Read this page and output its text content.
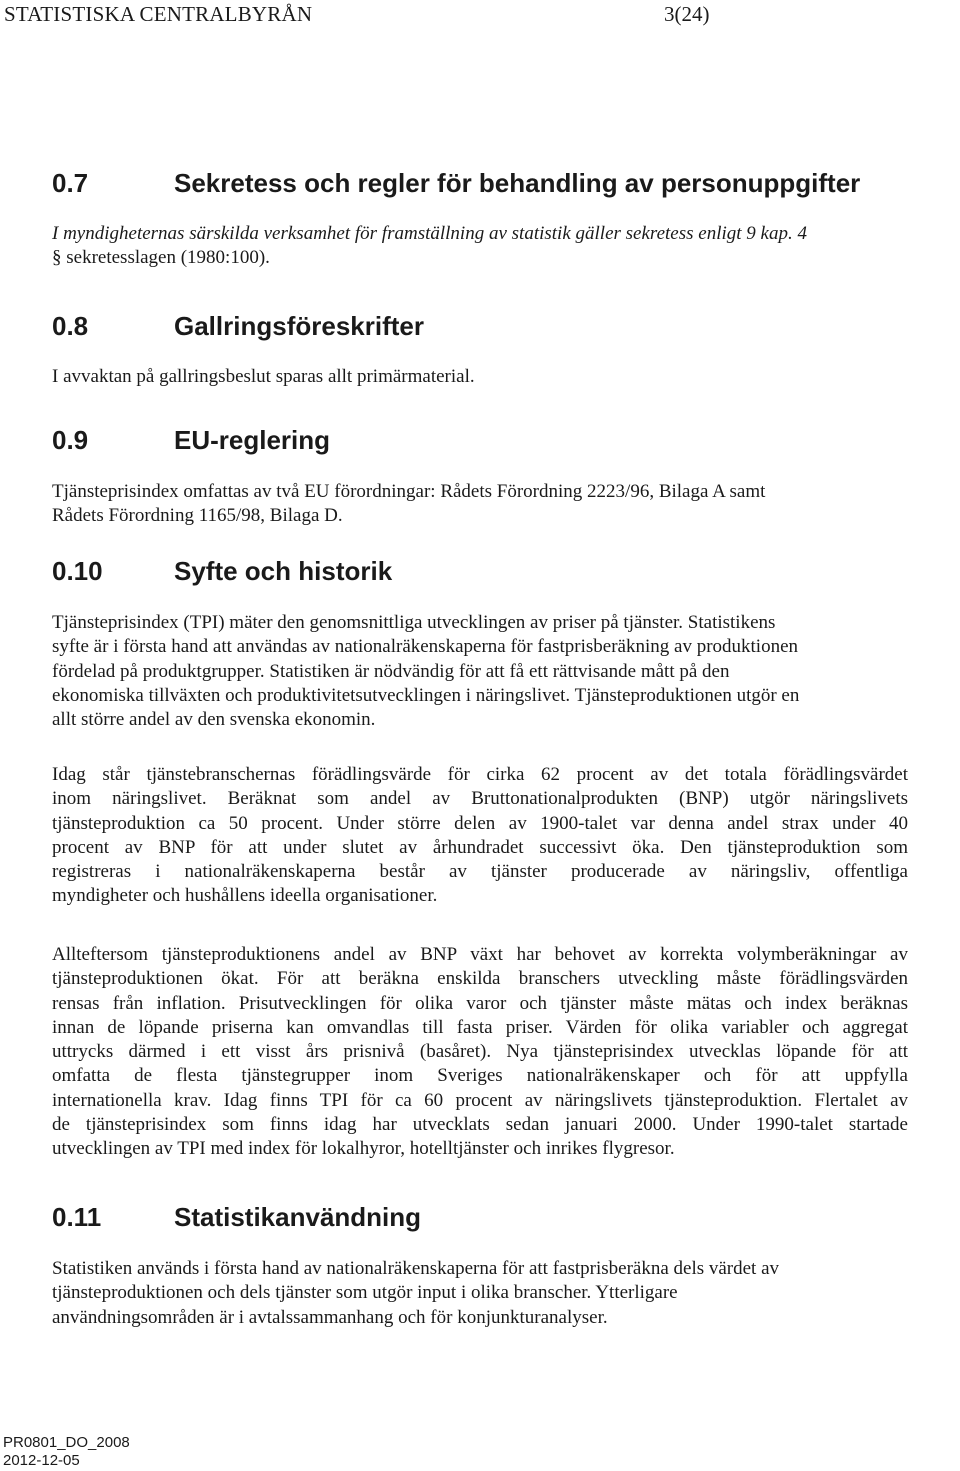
STATISTISKA CENTRALBYRÅN	3(24)
0.7	Sekretess och regler för behandling av personuppgifter
I myndigheternas särskilda verksamhet för framställning av statistik gäller sekretess enligt 9 kap. 4
§ sekretesslagen (1980:100).
0.8	Gallringsföreskrifter
I avvaktan på gallringsbeslut sparas allt primärmaterial.
0.9	EU-reglering
Tjänsteprisindex omfattas av två EU förordningar: Rådets Förordning 2223/96, Bilaga A samt
Rådets Förordning 1165/98, Bilaga D.
0.10	Syfte och historik
Tjänsteprisindex (TPI) mäter den genomsnittliga utvecklingen av priser på tjänster. Statistikens
syfte är i första hand att användas av nationalräkenskaperna för fastprisberäkning av produktionen
fördelad på produktgrupper. Statistiken är nödvändig för att få ett rättvisande mått på den
ekonomiska tillväxten och produktivitetsutvecklingen i näringslivet. Tjänsteproduktionen utgör en
allt större andel av den svenska ekonomin.
Idag står tjänstebranschernas förädlingsvärde för cirka 62 procent av det totala förädlingsvärdet
inom näringslivet. Beräknat som andel av Bruttonationalprodukten (BNP) utgör näringslivets
tjänsteproduktion ca 50 procent. Under större delen av 1900-talet var denna andel strax under 40
procent av BNP för att under slutet av århundradet successivt öka. Den tjänsteproduktion som
registreras i nationalräkenskaperna består av tjänster producerade av näringsliv, offentliga
myndigheter och hushållens ideella organisationer.
Allteftersom tjänsteproduktionens andel av BNP växt har behovet av korrekta volymberäkningar av
tjänsteproduktionen ökat. För att beräkna enskilda branschers utveckling måste förädlingsvärden
rensas från inflation. Prisutvecklingen för olika varor och tjänster måste mätas och index beräknas
innan de löpande priserna kan omvandlas till fasta priser. Värden för olika variabler och aggregat
uttrycks därmed i ett visst års prisnivå (basåret). Nya tjänsteprisindex utvecklas löpande för att
omfatta de flesta tjänstegrupper inom Sveriges nationalräkenskaper och för att uppfylla
internationella krav. Idag finns TPI för ca 60 procent av näringslivets tjänsteproduktion. Flertalet av
de tjänsteprisindex som finns idag har utvecklats sedan januari 2000. Under 1990-talet startade
utvecklingen av TPI med index för lokalhyror, hotelltjänster och inrikes flygresor.
0.11	Statistikanvändning
Statistiken används i första hand av nationalräkenskaperna för att fastprisberäkna dels värdet av
tjänsteproduktionen och dels tjänster som utgör input i olika branscher. Ytterligare
användningsområden är i avtalssammanhang och för konjunkturanalyser.
PR0801_DO_2008
2012-12-05
